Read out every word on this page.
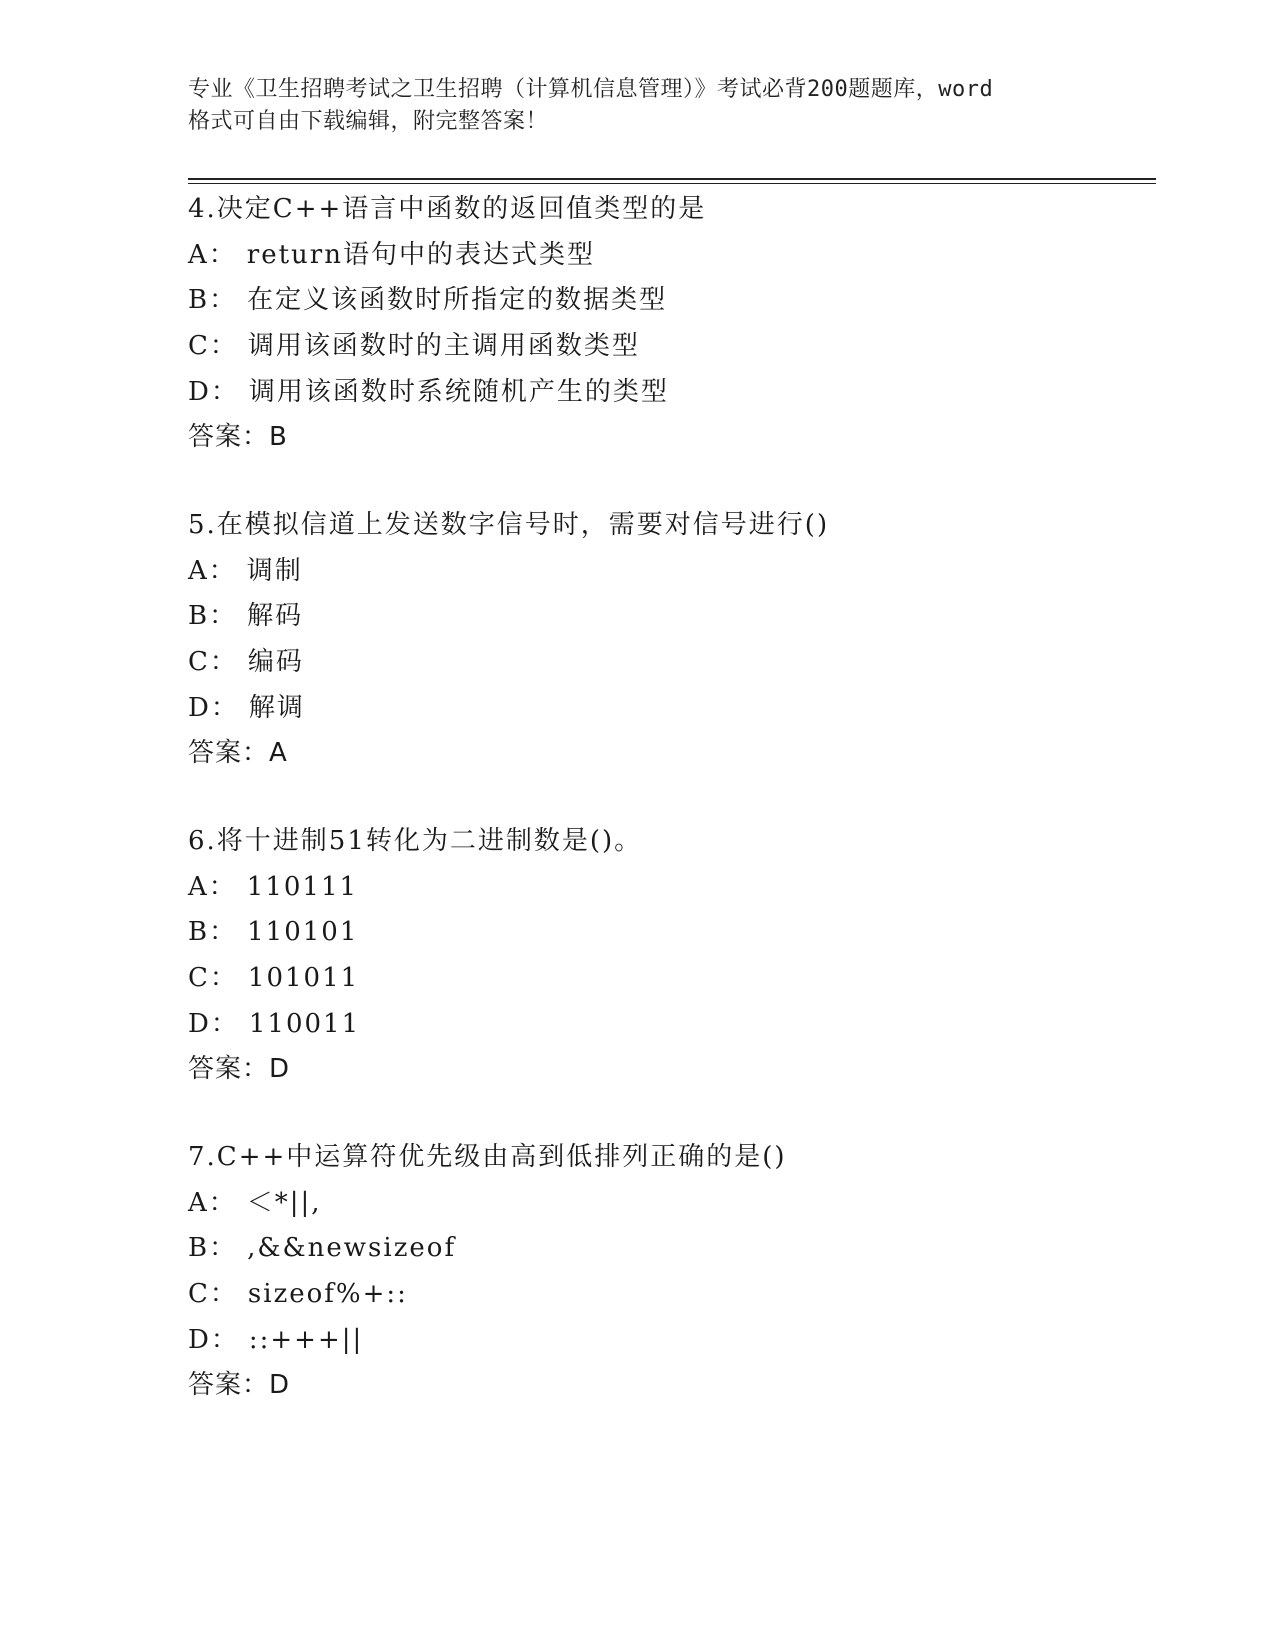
专业《卫生招聘考试之卫生招聘（计算机信息管理）》考试必背200题题库，word
格式可自由下载编辑，附完整答案！
4.决定C++语言中函数的返回值类型的是
A： return语句中的表达式类型
B： 在定义该函数时所指定的数据类型
C： 调用该函数时的主调用函数类型
D： 调用该函数时系统随机产生的类型
答案：B
5.在模拟信道上发送数字信号时，需要对信号进行()
A： 调制
B： 解码
C： 编码
D： 解调
答案：A
6.将十进制51转化为二进制数是()。
A： 110111
B： 110101
C： 101011
D： 110011
答案：D
7.C++中运算符优先级由高到低排列正确的是()
A： ＜*||,
B： ,&&newsizeof
C： sizeof%+::
D： ::+++||
答案：D
